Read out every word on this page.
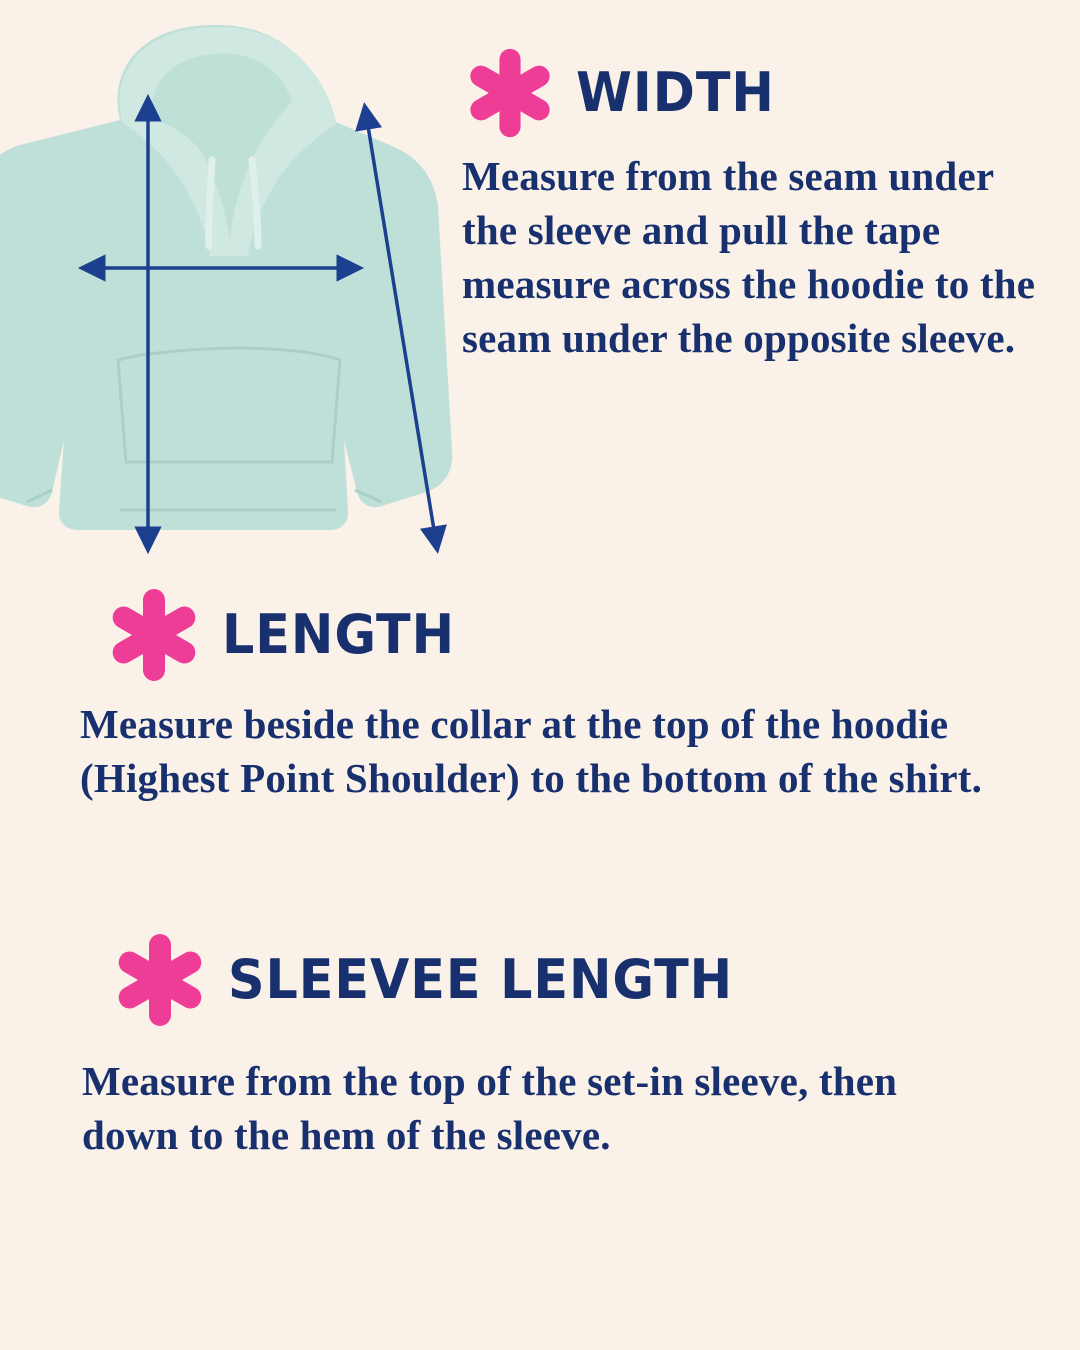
WIDTH
Measure from the seam under the sleeve and pull the tape measure across the hoodie to the seam under the opposite sleeve.
LENGTH
Measure beside the collar at the top of the hoodie (Highest Point Shoulder) to the bottom of the shirt.
SLEEVEE LENGTH
Measure from the top of the set-in sleeve, then down to the hem of the sleeve.
